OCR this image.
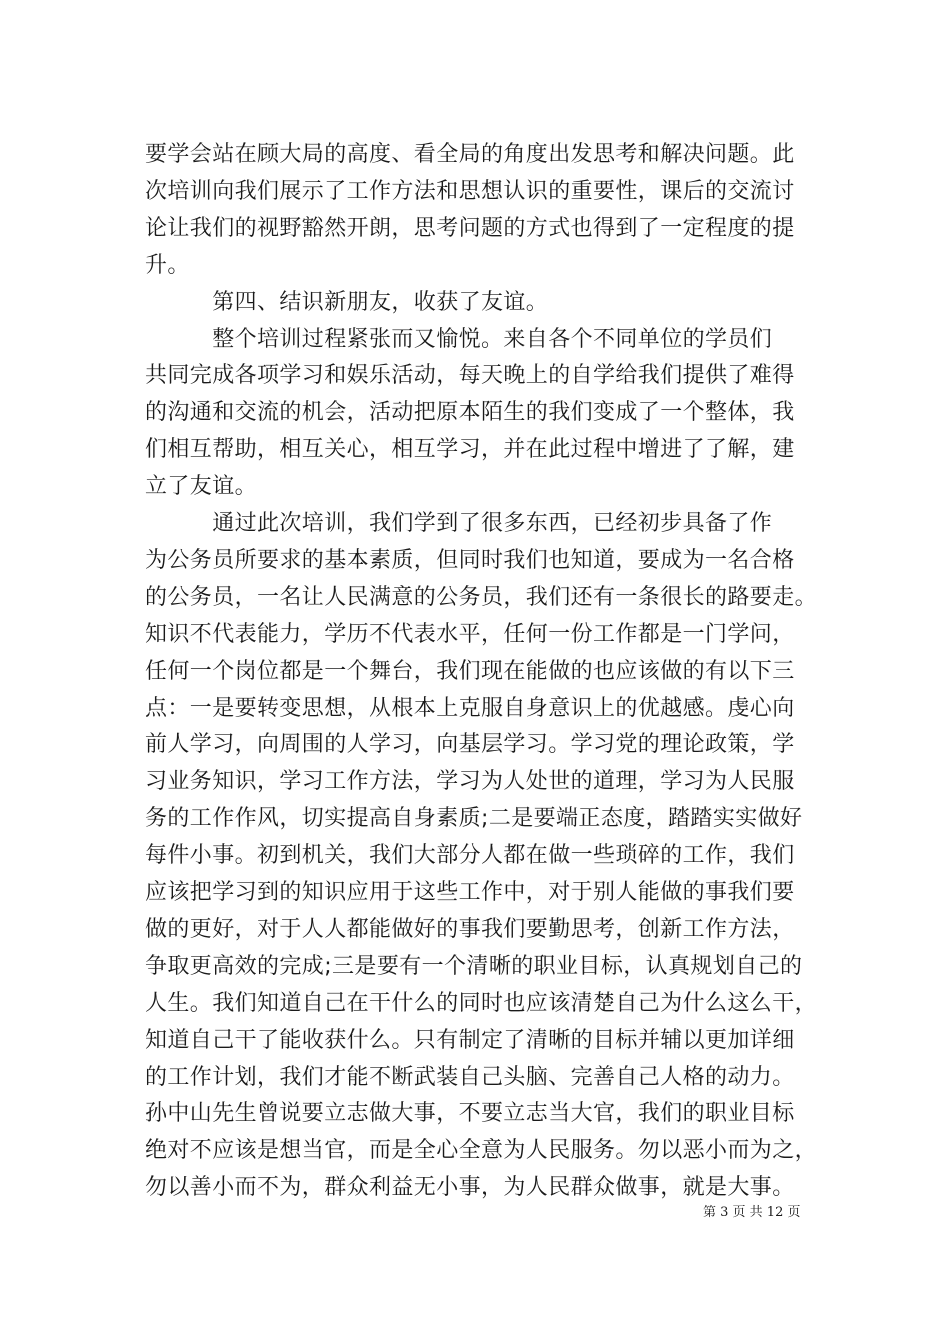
要学会站在顾大局的高度、看全局的角度出发思考和解决问题。此

次培训向我们展示了工作方法和思想认识的重要性，课后的交流讨

论让我们的视野豁然开朗，思考问题的方式也得到了一定程度的提

升。

　　　第四、结识新朋友，收获了友谊。

　　　整个培训过程紧张而又愉悦。来自各个不同单位的学员们

共同完成各项学习和娱乐活动，每天晚上的自学给我们提供了难得

的沟通和交流的机会，活动把原本陌生的我们变成了一个整体，我

们相互帮助，相互关心，相互学习，并在此过程中增进了了解，建

立了友谊。

　　　通过此次培训，我们学到了很多东西，已经初步具备了作

为公务员所要求的基本素质，但同时我们也知道，要成为一名合格

的公务员，一名让人民满意的公务员，我们还有一条很长的路要走。

知识不代表能力，学历不代表水平，任何一份工作都是一门学问，

任何一个岗位都是一个舞台，我们现在能做的也应该做的有以下三

点：一是要转变思想，从根本上克服自身意识上的优越感。虔心向

前人学习，向周围的人学习，向基层学习。学习党的理论政策，学

习业务知识，学习工作方法，学习为人处世的道理，学习为人民服

务的工作作风，切实提高自身素质;二是要端正态度，踏踏实实做好

每件小事。初到机关，我们大部分人都在做一些琐碎的工作，我们

应该把学习到的知识应用于这些工作中，对于别人能做的事我们要

做的更好，对于人人都能做好的事我们要勤思考，创新工作方法，

争取更高效的完成;三是要有一个清晰的职业目标，认真规划自己的

人生。我们知道自己在干什么的同时也应该清楚自己为什么这么干，

知道自己干了能收获什么。只有制定了清晰的目标并辅以更加详细

的工作计划，我们才能不断武装自己头脑、完善自己人格的动力。

孙中山先生曾说要立志做大事，不要立志当大官，我们的职业目标

绝对不应该是想当官，而是全心全意为人民服务。勿以恶小而为之，

勿以善小而不为，群众利益无小事，为人民群众做事，就是大事。

第 3 页 共 12 页
